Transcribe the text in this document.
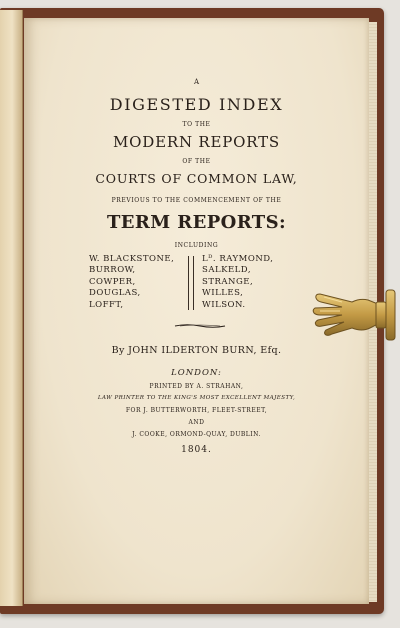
A
DIGESTED INDEX
TO THE
MODERN REPORTS
OF THE
COURTS OF COMMON LAW,
PREVIOUS TO THE COMMENCEMENT OF THE
TERM REPORTS:
INCLUDING
W. BLACKSTONE,
BURROW,
COWPER,
DOUGLAS,
LOFFT,
Lᴰ. RAYMOND,
SALKELD,
STRANGE,
WILLES,
WILSON.
By JOHN ILDERTON BURN, Efq.
LONDON:
PRINTED BY A. STRAHAN,
LAW PRINTER TO THE KING'S MOST EXCELLENT MAJESTY,
FOR J. BUTTERWORTH, FLEET-STREET,
AND
J. COOKE, ORMOND-QUAY, DUBLIN.
1804.
